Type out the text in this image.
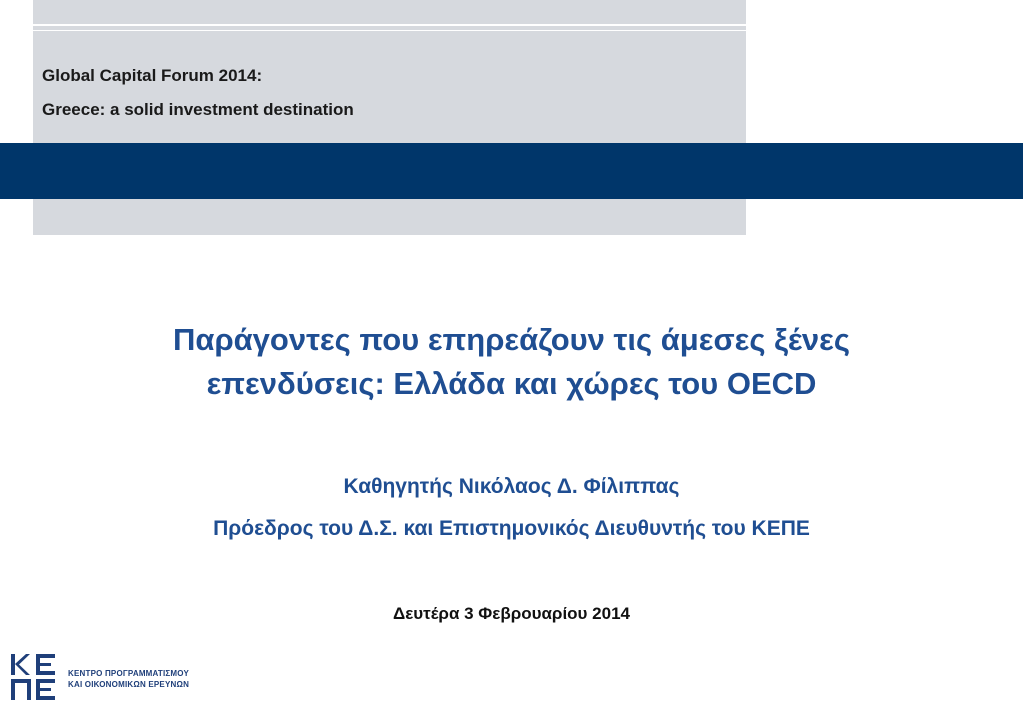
Global Capital Forum 2014:
Greece: a solid investment destination
Παράγοντες που επηρεάζουν τις άμεσες ξένες
επενδύσεις: Ελλάδα και χώρες του OECD
Καθηγητής Νικόλαος Δ. Φίλιππας
Πρόεδρος του Δ.Σ. και Επιστημονικός Διευθυντής του ΚΕΠΕ
Δευτέρα 3 Φεβρουαρίου 2014
ΚΕΝΤΡΟ ΠΡΟΓΡΑΜΜΑΤΙΣΜΟΥ
ΚΑΙ ΟΙΚΟΝΟΜΙΚΩΝ ΕΡΕΥΝΩΝ
